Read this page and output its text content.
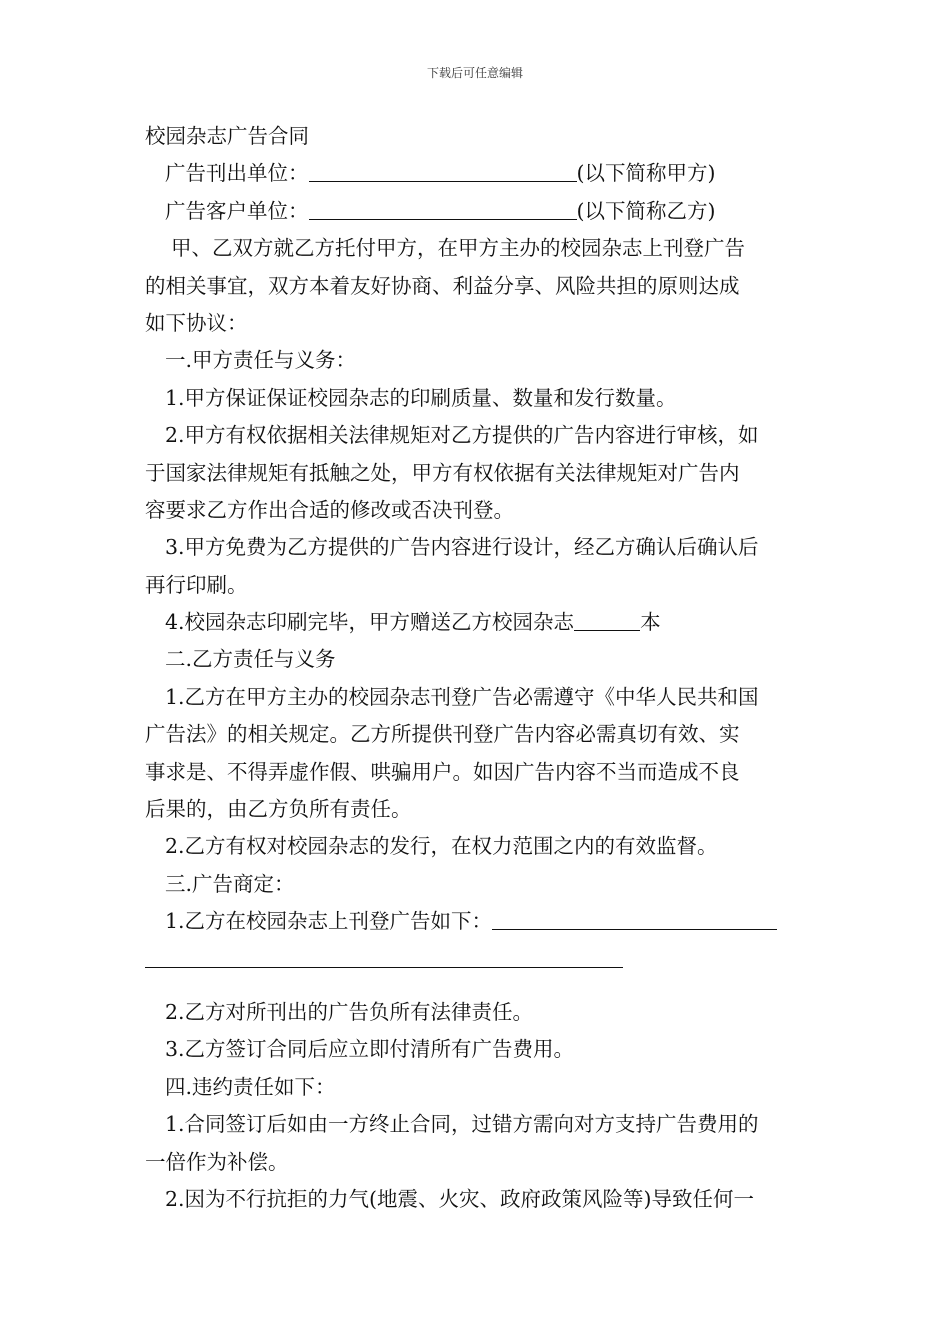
下载后可任意编辑
校园杂志广告合同
广告刊出单位：	(以下简称甲方)
广告客户单位：	(以下简称乙方)
甲、乙双方就乙方托付甲方，在甲方主办的校园杂志上刊登广告
的相关事宜，双方本着友好协商、利益分享、风险共担的原则达成
如下协议：
一.甲方责任与义务：
1.甲方保证保证校园杂志的印刷质量、数量和发行数量。
2.甲方有权依据相关法律规矩对乙方提供的广告内容进行审核，如
于国家法律规矩有抵触之处，甲方有权依据有关法律规矩对广告内
容要求乙方作出合适的修改或否决刊登。
3.甲方免费为乙方提供的广告内容进行设计，经乙方确认后确认后
再行印刷。
4.校园杂志印刷完毕，甲方赠送乙方校园杂志	本
二.乙方责任与义务
1.乙方在甲方主办的校园杂志刊登广告必需遵守《中华人民共和国
广告法》的相关规定。乙方所提供刊登广告内容必需真切有效、实
事求是、不得弄虚作假、哄骗用户。如因广告内容不当而造成不良
后果的，由乙方负所有责任。
2.乙方有权对校园杂志的发行，在权力范围之内的有效监督。
三.广告商定：
1.乙方在校园杂志上刊登广告如下：
2.乙方对所刊出的广告负所有法律责任。
3.乙方签订合同后应立即付清所有广告费用。
四.违约责任如下：
1.合同签订后如由一方终止合同，过错方需向对方支持广告费用的
一倍作为补偿。
2.因为不行抗拒的力气(地震、火灾、政府政策风险等)导致任何一
